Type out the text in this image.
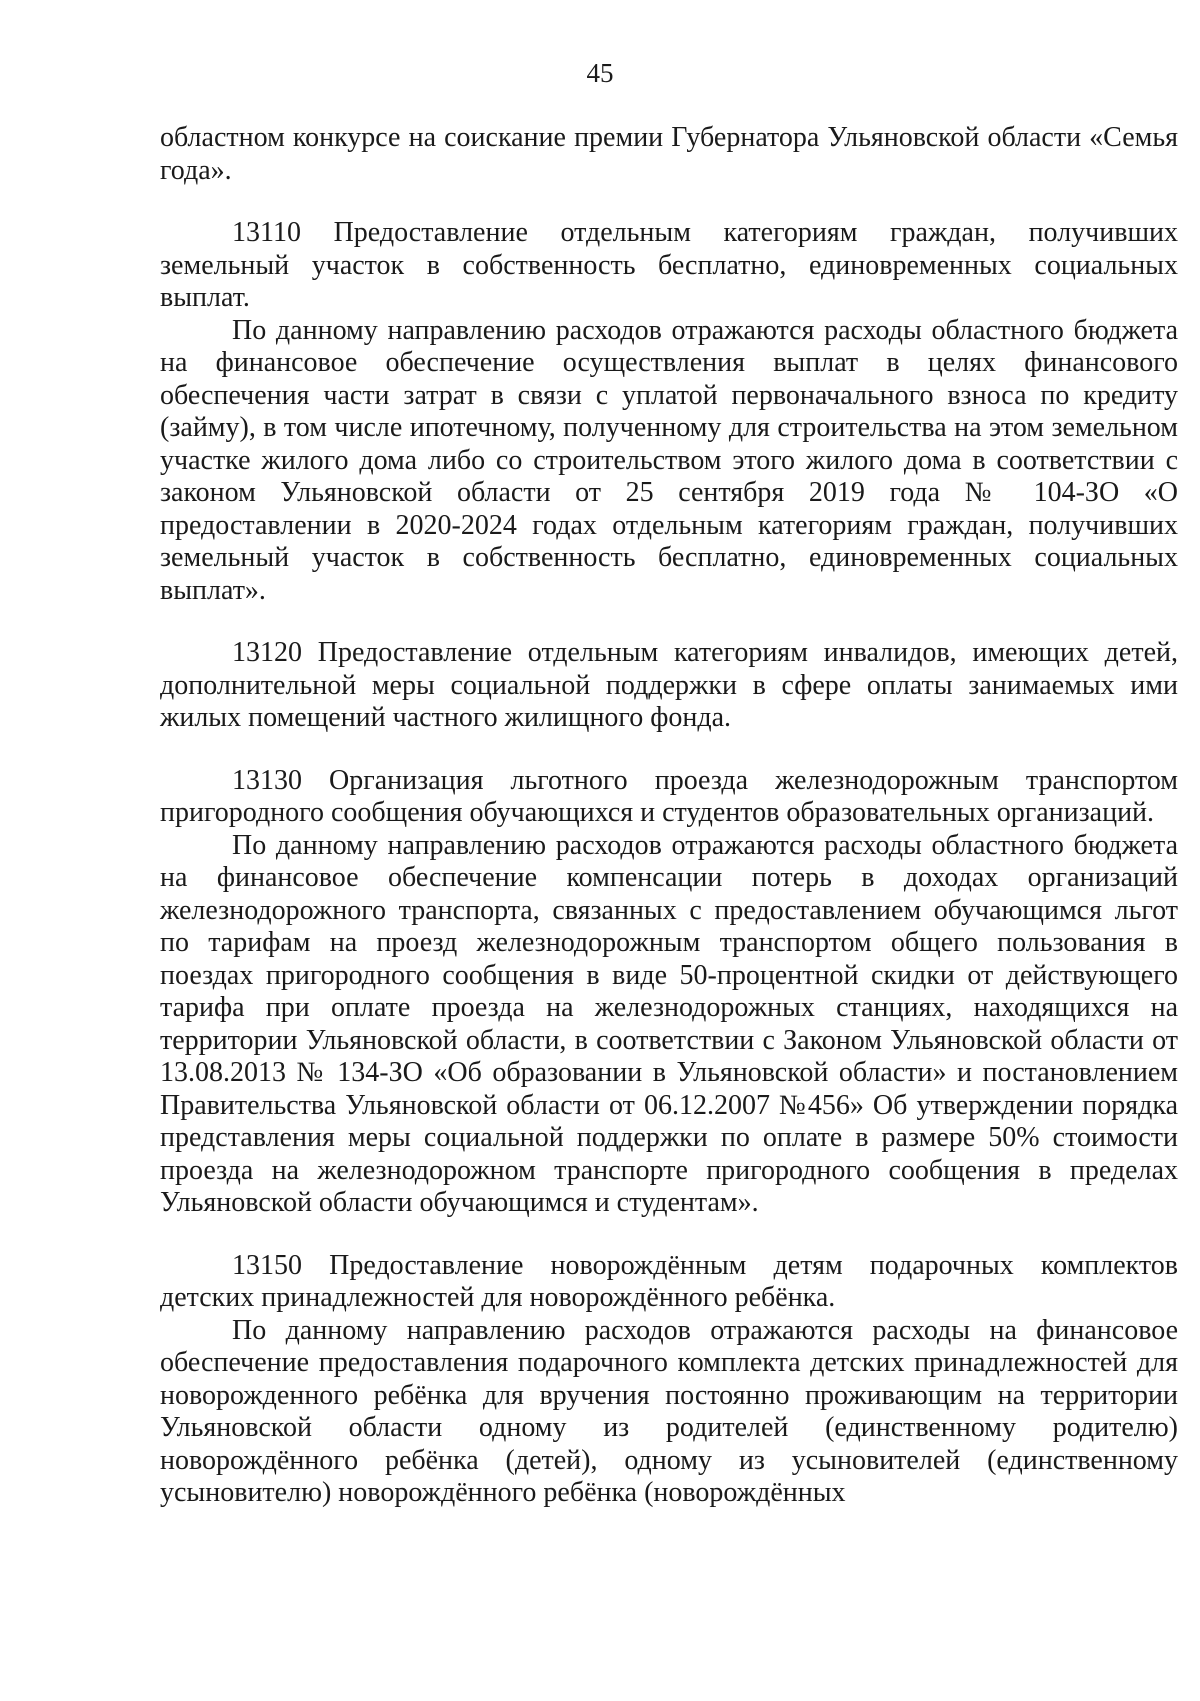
45

областном конкурсе на соискание премии Губернатора Ульяновской области «Семья года».

13110 Предоставление отдельным категориям граждан, получивших земельный участок в собственность бесплатно, единовременных социальных выплат.

По данному направлению расходов отражаются расходы областного бюджета на финансовое обеспечение осуществления выплат в целях финансового обеспечения части затрат в связи с уплатой первоначального взноса по кредиту (займу), в том числе ипотечному, полученному для строительства на этом земельном участке жилого дома либо со строительством этого жилого дома в соответствии с законом Ульяновской области от 25 сентября 2019 года № 104-ЗО «О предоставлении в 2020-2024 годах отдельным категориям граждан, получивших земельный участок в собственность бесплатно, единовременных социальных выплат».

13120 Предоставление отдельным категориям инвалидов, имеющих детей, дополнительной меры социальной поддержки в сфере оплаты занимаемых ими жилых помещений частного жилищного фонда.

13130 Организация льготного проезда железнодорожным транспортом пригородного сообщения обучающихся и студентов образовательных организаций.

По данному направлению расходов отражаются расходы областного бюджета на финансовое обеспечение компенсации потерь в доходах организаций железнодорожного транспорта, связанных с предоставлением обучающимся льгот по тарифам на проезд железнодорожным транспортом общего пользования в поездах пригородного сообщения в виде 50-процентной скидки от действующего тарифа при оплате проезда на железнодорожных станциях, находящихся на территории Ульяновской области, в соответствии с Законом Ульяновской области от 13.08.2013 № 134-ЗО «Об образовании в Ульяновской области» и постановлением Правительства Ульяновской области от 06.12.2007 №456» Об утверждении порядка представления меры социальной поддержки по оплате в размере 50% стоимости проезда на железнодорожном транспорте пригородного сообщения в пределах Ульяновской области обучающимся и студентам».

13150 Предоставление новорождённым детям подарочных комплектов детских принадлежностей для новорождённого ребёнка.

По данному направлению расходов отражаются расходы на финансовое обеспечение предоставления подарочного комплекта детских принадлежностей для новорожденного ребёнка для вручения постоянно проживающим на территории Ульяновской области одному из родителей (единственному родителю) новорождённого ребёнка (детей), одному из усыновителей (единственному усыновителю) новорождённого ребёнка (новорождённых
